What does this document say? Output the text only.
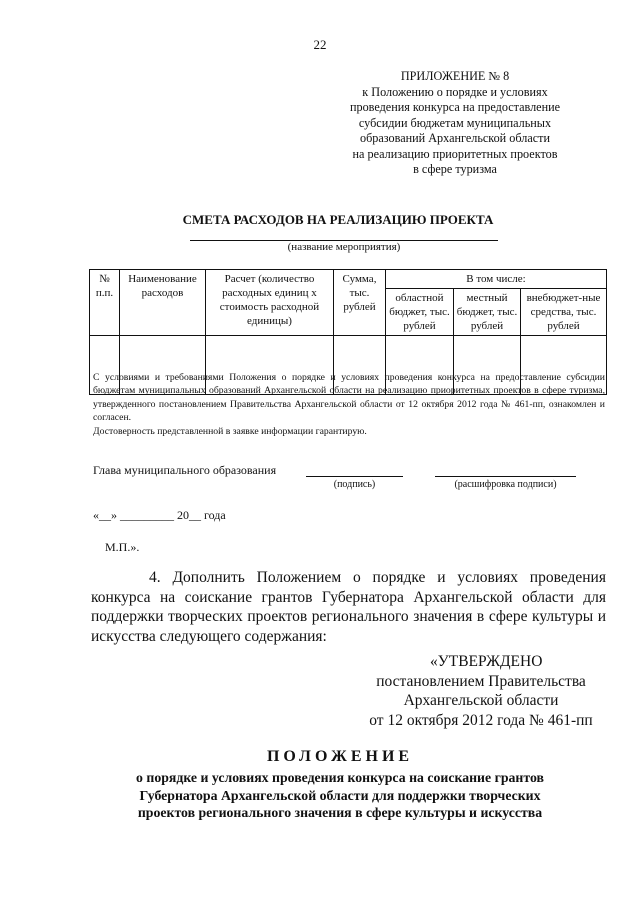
22
ПРИЛОЖЕНИЕ № 8
к Положению о порядке и условиях
проведения конкурса на предоставление
субсидии бюджетам муниципальных
образований Архангельской области
на реализацию приоритетных проектов
в сфере туризма
СМЕТА РАСХОДОВ НА РЕАЛИЗАЦИЮ ПРОЕКТА
(название мероприятия)
№ п.п.	Наименование расходов	Расчет (количество расходных единиц х стоимость расходной единицы)	Сумма, тыс. рублей	В том числе:		
				областной бюджет, тыс. рублей	местный бюджет, тыс. рублей	внебюджет-ные средства, тыс. рублей

С условиями и требованиями Положения о порядке и условиях проведения конкурса на предоставление субсидии бюджетам муниципальных образований Архангельской области на реализацию приоритетных проектов в сфере туризма, утвержденного постановлением Правительства Архангельской области от 12 октября 2012 года № 461-пп, ознакомлен и согласен.
Достоверность представленной в заявке информации гарантирую.
Глава муниципального образования
(подпись)	(расшифровка подписи)
«__» _________ 20__ года
М.П.».
4. Дополнить Положением о порядке и условиях проведения конкурса на соискание грантов Губернатора Архангельской области для поддержки творческих проектов регионального значения в сфере культуры и искусства следующего содержания:
«УТВЕРЖДЕНО
постановлением Правительства
Архангельской области
от 12 октября 2012 года № 461-пп
ПОЛОЖЕНИЕ
о порядке и условиях проведения конкурса на соискание грантов
Губернатора Архангельской области для поддержки творческих
проектов регионального значения в сфере культуры и искусства
